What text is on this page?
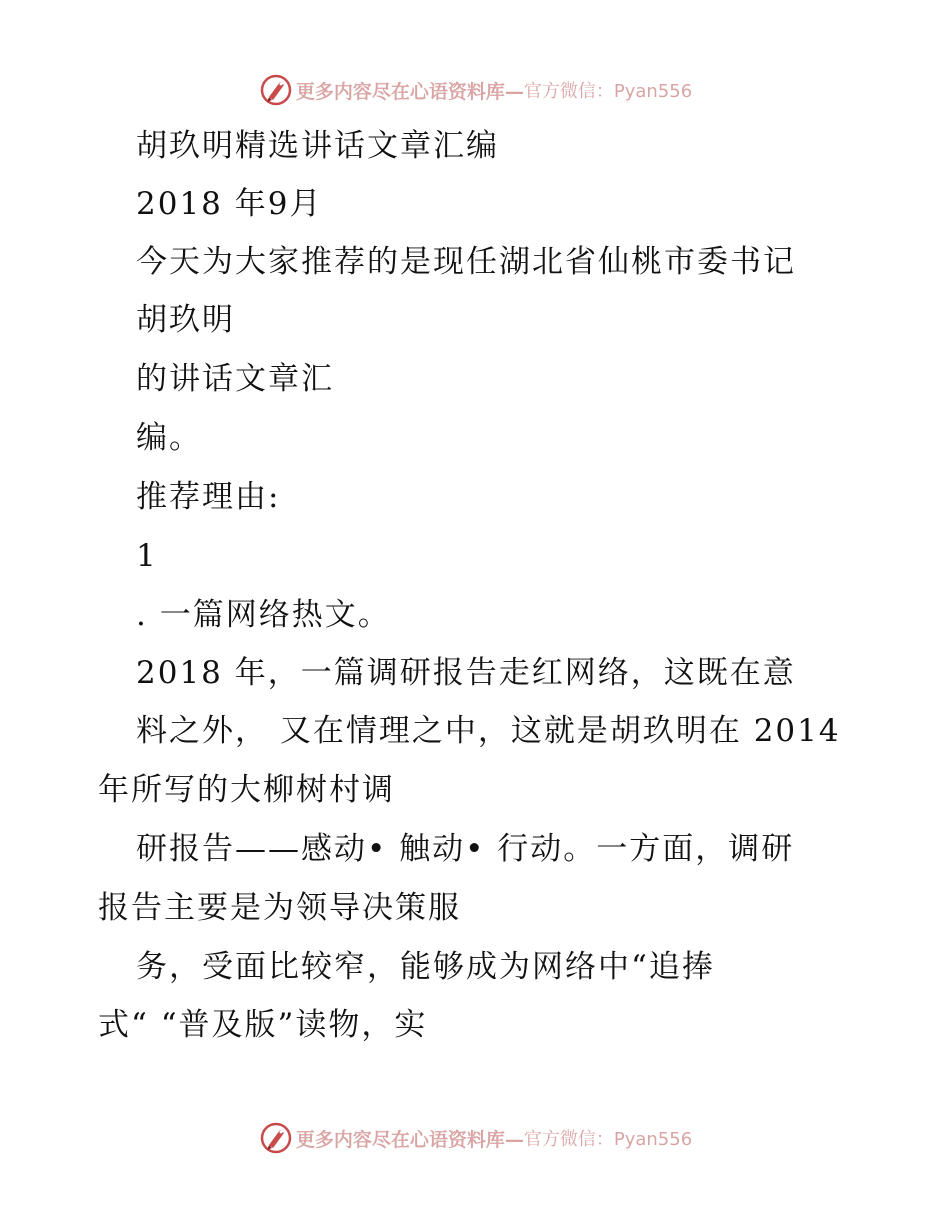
更多内容尽在心语资料库— 官方微信：Pyan556
胡玖明精选讲话文章汇编
2018 年9月
今天为大家推荐的是现任湖北省仙桃市委书记
胡玖明
的讲话文章汇
编。
推荐理由:
1
. 一篇网络热文。
2018 年，一篇调研报告走红网络，这既在意
料之外， 又在情理之中，这就是胡玖明在 2014
年所写的大柳树村调
研报告——感动• 触动• 行动。一方面，调研
报告主要是为领导决策服
务，受面比较窄，能够成为网络中“追捧
式“ “普及版”读物，实
更多内容尽在心语资料库— 官方微信：Pyan556
